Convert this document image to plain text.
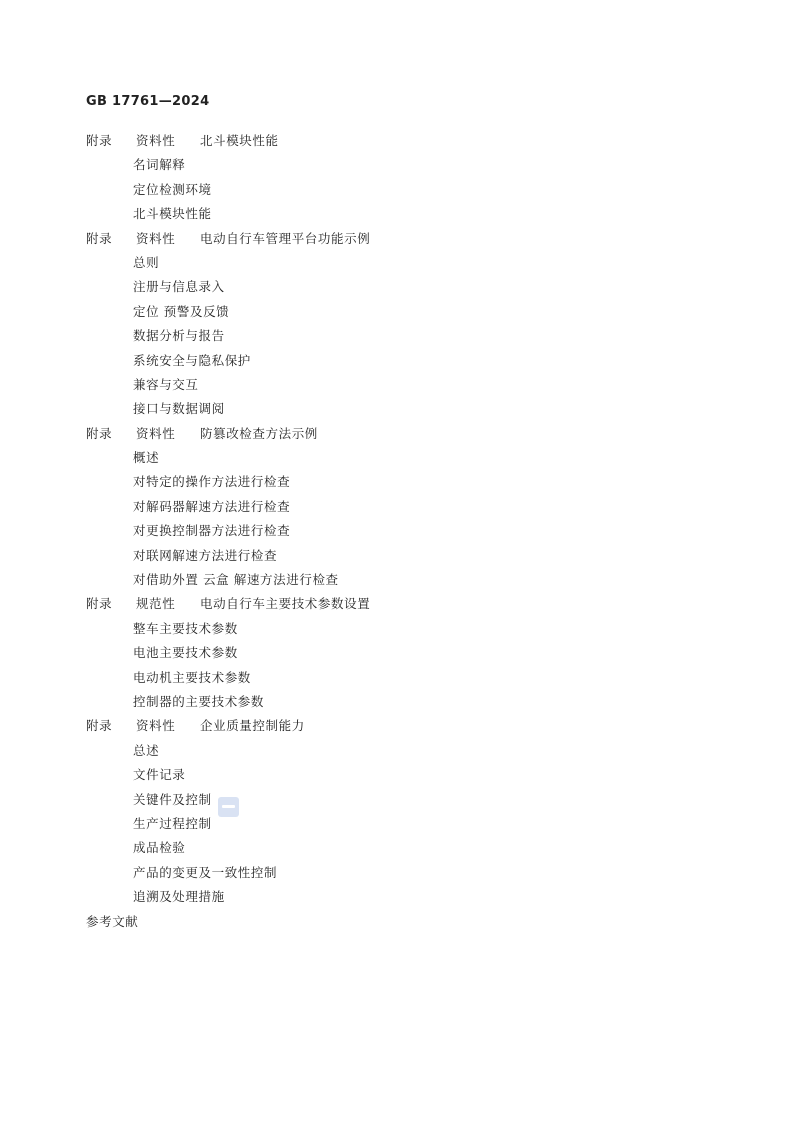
GB 17761—2024
附录 资料性 北斗模块性能
名词解释
定位检测环境
北斗模块性能
附录 资料性 电动自行车管理平台功能示例
总则
注册与信息录入
定位 预警及反馈
数据分析与报告
系统安全与隐私保护
兼容与交互
接口与数据调阅
附录 资料性 防篡改检查方法示例
概述
对特定的操作方法进行检查
对解码器解速方法进行检查
对更换控制器方法进行检查
对联网解速方法进行检查
对借助外置 云盒 解速方法进行检查
附录 规范性 电动自行车主要技术参数设置
整车主要技术参数
电池主要技术参数
电动机主要技术参数
控制器的主要技术参数
附录 资料性 企业质量控制能力
总述
文件记录
关键件及控制
生产过程控制
成品检验
产品的变更及一致性控制
追溯及处理措施
参考文献
